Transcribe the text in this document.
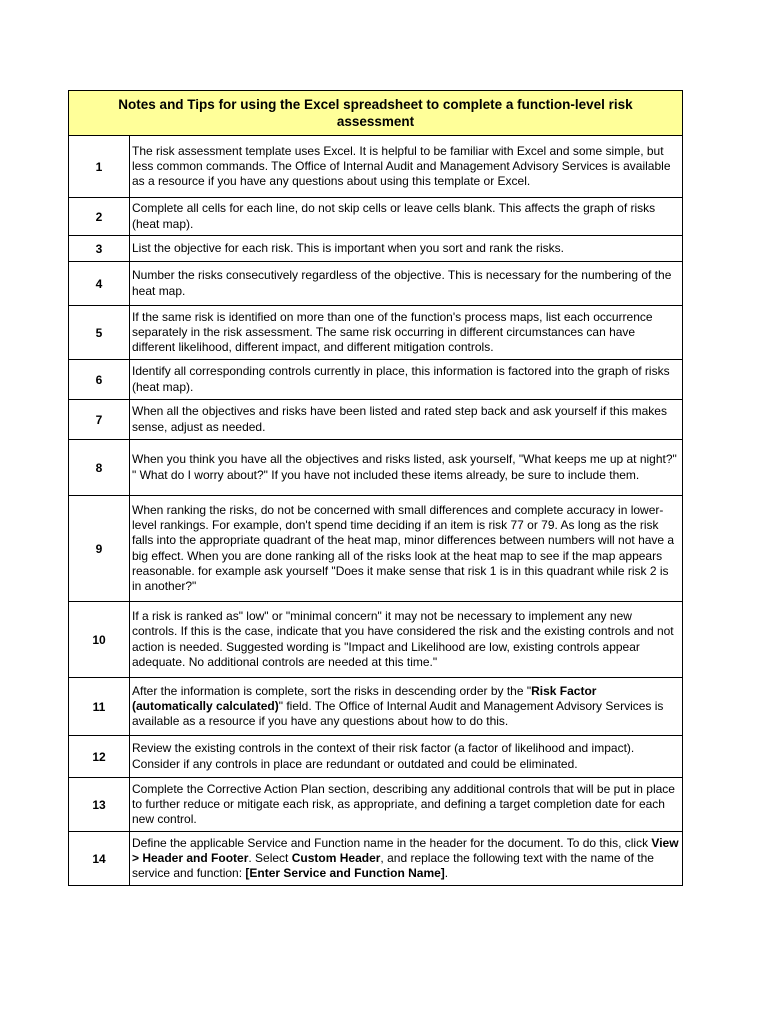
Notes and Tips for using the Excel spreadsheet to complete a function-level risk assessment	
1	The risk assessment template uses Excel. It is helpful to be familiar with Excel and some simple, but less common commands. The Office of Internal Audit and Management Advisory Services is available as a resource if you have any questions about using this template or Excel.
2	Complete all cells for each line, do not skip cells or leave cells blank. This affects the graph of risks (heat map).
3	List the objective for each risk. This is important when you sort and rank the risks.
4	Number the risks consecutively regardless of the objective. This is necessary for the numbering of the heat map.
5	If the same risk is identified on more than one of the function's process maps, list each occurrence separately in the risk assessment. The same risk occurring in different circumstances can have different likelihood, different impact, and different mitigation controls.
6	Identify all corresponding controls currently in place, this information is factored into the graph of risks (heat map).
7	When all the objectives and risks have been listed and rated step back and ask yourself if this makes sense, adjust as needed.
8	When you think you have all the objectives and risks listed, ask yourself, "What keeps me up at night?" " What do I worry about?" If you have not included these items already, be sure to include them.
9	When ranking the risks, do not be concerned with small differences and complete accuracy in lower-level rankings. For example, don't spend time deciding if an item is risk 77 or 79. As long as the risk falls into the appropriate quadrant of the heat map, minor differences between numbers will not have a big effect. When you are done ranking all of the risks look at the heat map to see if the map appears reasonable. for example ask yourself "Does it make sense that risk 1 is in this quadrant while risk 2 is in another?"
10	If a risk is ranked as" low" or "minimal concern" it may not be necessary to implement any new controls. If this is the case, indicate that you have considered the risk and the existing controls and not action is needed. Suggested wording is "Impact and Likelihood are low, existing controls appear adequate. No additional controls are needed at this time."
11	After the information is complete, sort the risks in descending order by the "Risk Factor (automatically calculated)" field. The Office of Internal Audit and Management Advisory Services is available as a resource if you have any questions about how to do this.
12	Review the existing controls in the context of their risk factor (a factor of likelihood and impact). Consider if any controls in place are redundant or outdated and could be eliminated.
13	Complete the Corrective Action Plan section, describing any additional controls that will be put in place to further reduce or mitigate each risk, as appropriate, and defining a target completion date for each new control.
14	Define the applicable Service and Function name in the header for the document. To do this, click View > Header and Footer. Select Custom Header, and replace the following text with the name of the service and function: [Enter Service and Function Name].
